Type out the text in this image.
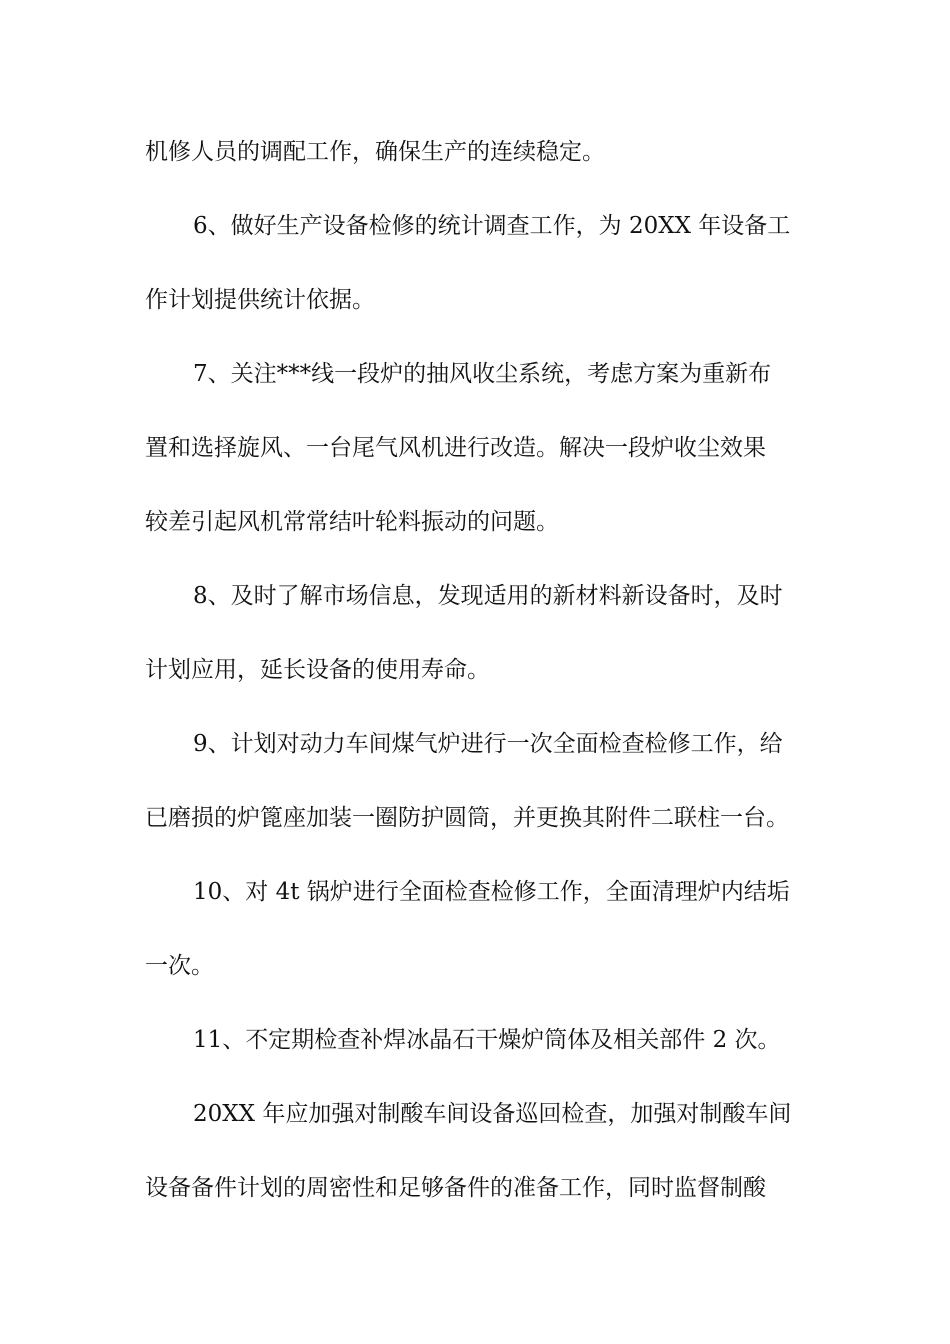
机修人员的调配工作，确保生产的连续稳定。
6、做好生产设备检修的统计调查工作，为 20XX 年设备工
作计划提供统计依据。
7、关注***线一段炉的抽风收尘系统，考虑方案为重新布
置和选择旋风、一台尾气风机进行改造。解决一段炉收尘效果
较差引起风机常常结叶轮料振动的问题。
8、及时了解市场信息，发现适用的新材料新设备时，及时
计划应用，延长设备的使用寿命。
9、计划对动力车间煤气炉进行一次全面检查检修工作，给
已磨损的炉篦座加装一圈防护圆筒，并更换其附件二联柱一台。
10、对 4t 锅炉进行全面检查检修工作，全面清理炉内结垢
一次。
11、不定期检查补焊冰晶石干燥炉筒体及相关部件 2 次。
20XX 年应加强对制酸车间设备巡回检查，加强对制酸车间
设备备件计划的周密性和足够备件的准备工作，同时监督制酸
